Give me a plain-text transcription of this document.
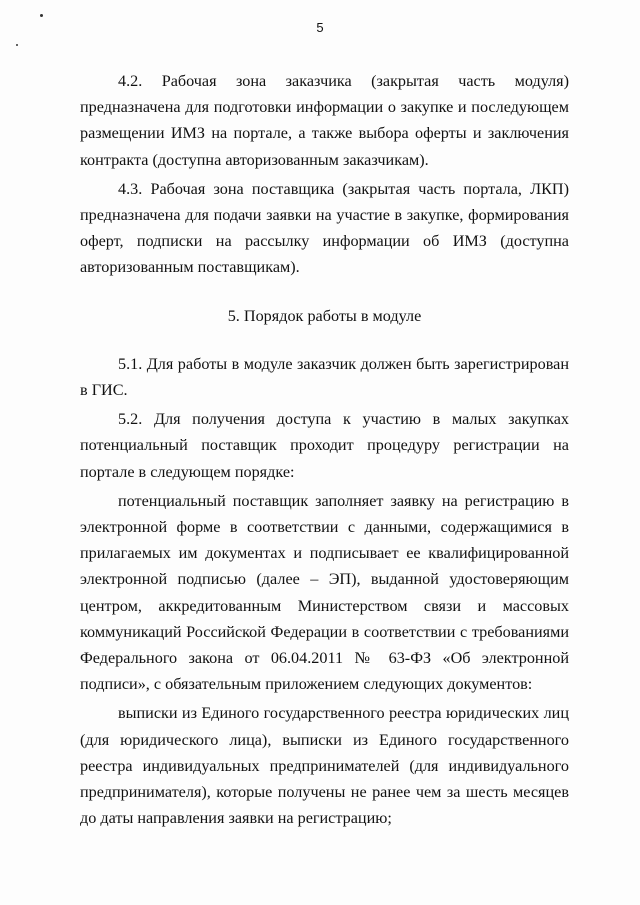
5

4.2. Рабочая зона заказчика (закрытая часть модуля) предназначена для подготовки информации о закупке и последующем размещении ИМЗ на портале, а также выбора оферты и заключения контракта (доступна авторизованным заказчикам).

4.3. Рабочая зона поставщика (закрытая часть портала, ЛКП) предназначена для подачи заявки на участие в закупке, формирования оферт, подписки на рассылку информации об ИМЗ (доступна авторизованным поставщикам).

5. Порядок работы в модуле

5.1. Для работы в модуле заказчик должен быть зарегистрирован в ГИС.

5.2. Для получения доступа к участию в малых закупках потенциальный поставщик проходит процедуру регистрации на портале в следующем порядке:

потенциальный поставщик заполняет заявку на регистрацию в электронной форме в соответствии с данными, содержащимися в прилагаемых им документах и подписывает ее квалифицированной электронной подписью (далее – ЭП), выданной удостоверяющим центром, аккредитованным Министерством связи и массовых коммуникаций Российской Федерации в соответствии с требованиями Федерального закона от 06.04.2011 № 63-ФЗ «Об электронной подписи», с обязательным приложением следующих документов:

выписки из Единого государственного реестра юридических лиц (для юридического лица), выписки из Единого государственного реестра индивидуальных предпринимателей (для индивидуального предпринимателя), которые получены не ранее чем за шесть месяцев до даты направления заявки на регистрацию;
